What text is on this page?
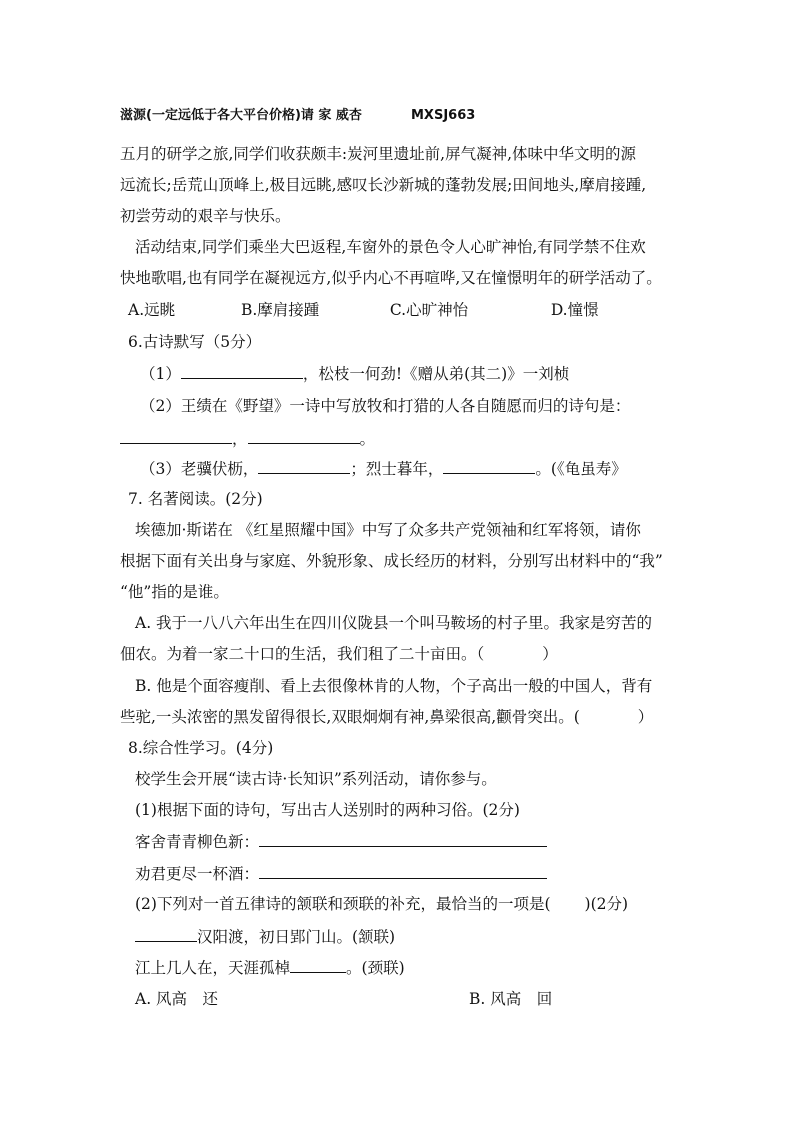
滋源(一定远低于各大平台价格)请 家 威杏	MXSJ663
五月的研学之旅,同学们收获颇丰:炭河里遗址前,屏气凝神,体味中华文明的源
远流长;岳荒山顶峰上,极目远眺,感叹长沙新城的蓬勃发展;田间地头,摩肩接踵,
初尝劳动的艰辛与快乐。
活动结束,同学们乘坐大巴返程,车窗外的景色令人心旷神怡,有同学禁不住欢
快地歌唱,也有同学在凝视远方,似乎内心不再喧哗,又在憧憬明年的研学活动了。
A.远眺	B.摩肩接踵	C.心旷神怡	D.憧憬
6.古诗默写（5分）
（1）	，松枝一何劲!《赠从弟(其二)》一刘桢
（2）王绩在《野望》一诗中写放牧和打猎的人各自随愿而归的诗句是：
，	。
（3）老骥伏枥，	；烈士暮年，	。(《龟虽寿》
7. 名著阅读。(2分)
埃德加·斯诺在 《红星照耀中国》中写了众多共产党领袖和红军将领，请你
根据下面有关出身与家庭、外貌形象、成长经历的材料，分别写出材料中的“我”
“他”指的是谁。
A. 我于一八八六年出生在四川仪陇县一个叫马鞍场的村子里。我家是穷苦的
佃农。为着一家二十口的生活，我们租了二十亩田。（	）
B. 他是个面容瘦削、看上去很像林肯的人物，个子高出一般的中国人，背有
些驼,一头浓密的黑发留得很长,双眼炯炯有神,鼻梁很高,颧骨突出。(	）
8.综合性学习。(4分)
校学生会开展“读古诗·长知识”系列活动，请你参与。
(1)根据下面的诗句，写出古人送别时的两种习俗。(2分)
客舍青青柳色新：
劝君更尽一杯酒：
(2)下列对一首五律诗的颔联和颈联的补充，最恰当的一项是( )(2分)
汉阳渡，初日郢门山。(颔联)
江上几人在，天涯孤棹	。(颈联)
A. 风高　还	B. 风高　回
